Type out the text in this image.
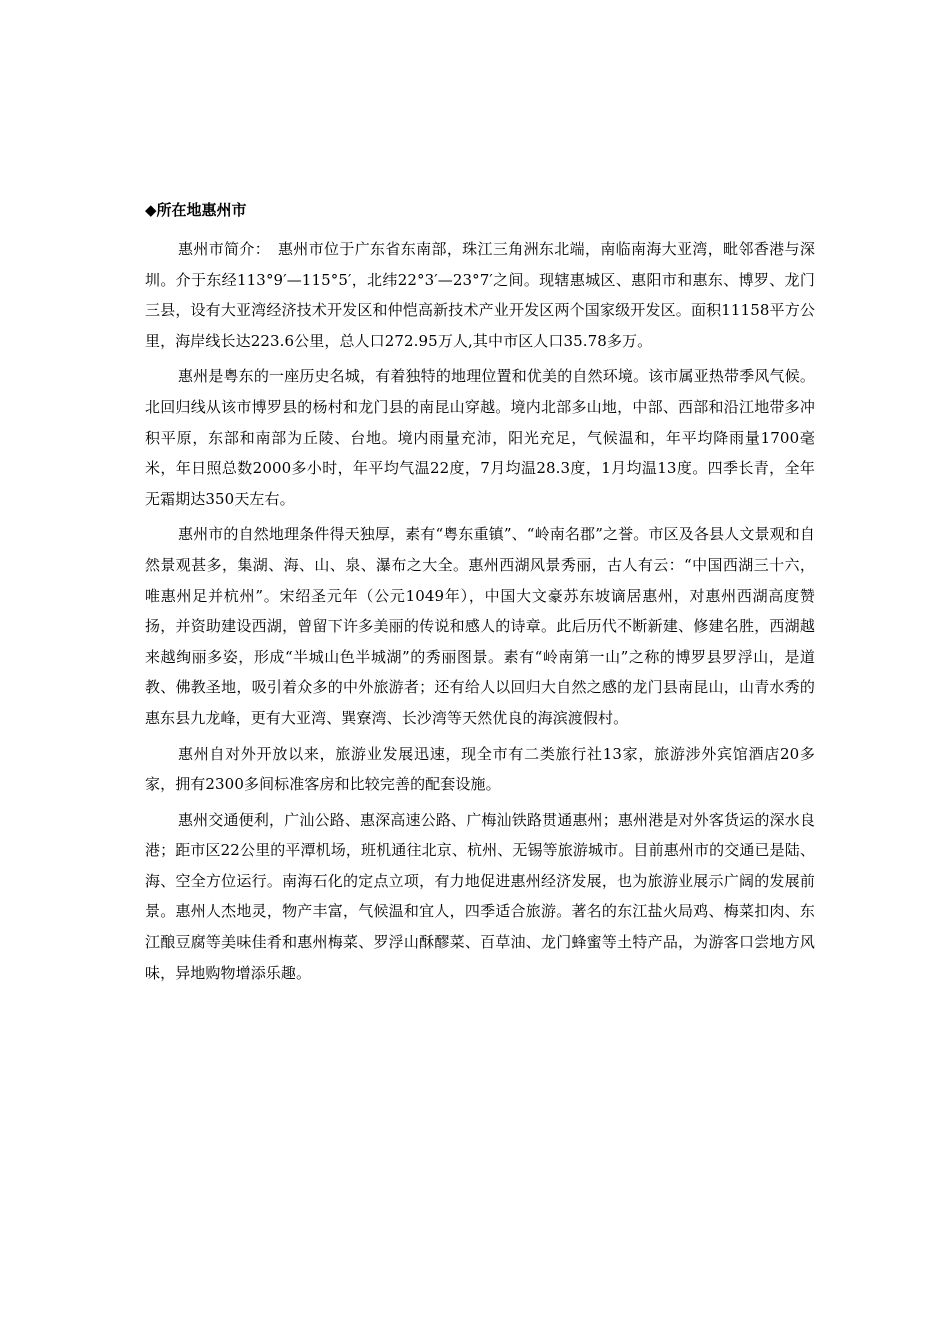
◆所在地惠州市

惠州市简介：　惠州市位于广东省东南部，珠江三角洲东北端，南临南海大亚湾，毗邻香港与深圳。介于东经113°9′—115°5′，北纬22°3′—23°7′之间。现辖惠城区、惠阳市和惠东、博罗、龙门三县，设有大亚湾经济技术开发区和仲恺高新技术产业开发区两个国家级开发区。面积11158平方公里，海岸线长达223.6公里，总人口272.95万人,其中市区人口35.78多万。

惠州是粤东的一座历史名城，有着独特的地理位置和优美的自然环境。该市属亚热带季风气候。北回归线从该市博罗县的杨村和龙门县的南昆山穿越。境内北部多山地，中部、西部和沿江地带多冲积平原，东部和南部为丘陵、台地。境内雨量充沛，阳光充足，气候温和，年平均降雨量1700毫米，年日照总数2000多小时，年平均气温22度，7月均温28.3度，1月均温13度。四季长青，全年无霜期达350天左右。

惠州市的自然地理条件得天独厚，素有“粤东重镇”、“岭南名郡”之誉。市区及各县人文景观和自然景观甚多，集湖、海、山、泉、瀑布之大全。惠州西湖风景秀丽，古人有云：“中国西湖三十六，唯惠州足并杭州”。宋绍圣元年（公元1049年），中国大文豪苏东坡谪居惠州，对惠州西湖高度赞扬，并资助建设西湖，曾留下许多美丽的传说和感人的诗章。此后历代不断新建、修建名胜，西湖越来越绚丽多姿，形成“半城山色半城湖”的秀丽图景。素有“岭南第一山”之称的博罗县罗浮山，是道教、佛教圣地，吸引着众多的中外旅游者；还有给人以回归大自然之感的龙门县南昆山，山青水秀的惠东县九龙峰，更有大亚湾、巽寮湾、长沙湾等天然优良的海滨渡假村。

惠州自对外开放以来，旅游业发展迅速，现全市有二类旅行社13家，旅游涉外宾馆酒店20多家，拥有2300多间标准客房和比较完善的配套设施。

惠州交通便利，广汕公路、惠深高速公路、广梅汕铁路贯通惠州；惠州港是对外客货运的深水良港；距市区22公里的平潭机场，班机通往北京、杭州、无锡等旅游城市。目前惠州市的交通已是陆、海、空全方位运行。南海石化的定点立项，有力地促进惠州经济发展，也为旅游业展示广阔的发展前景。惠州人杰地灵，物产丰富，气候温和宜人，四季适合旅游。著名的东江盐火局鸡、梅菜扣肉、东江酿豆腐等美味佳肴和惠州梅菜、罗浮山酥醪菜、百草油、龙门蜂蜜等土特产品，为游客口尝地方风味，异地购物增添乐趣。
